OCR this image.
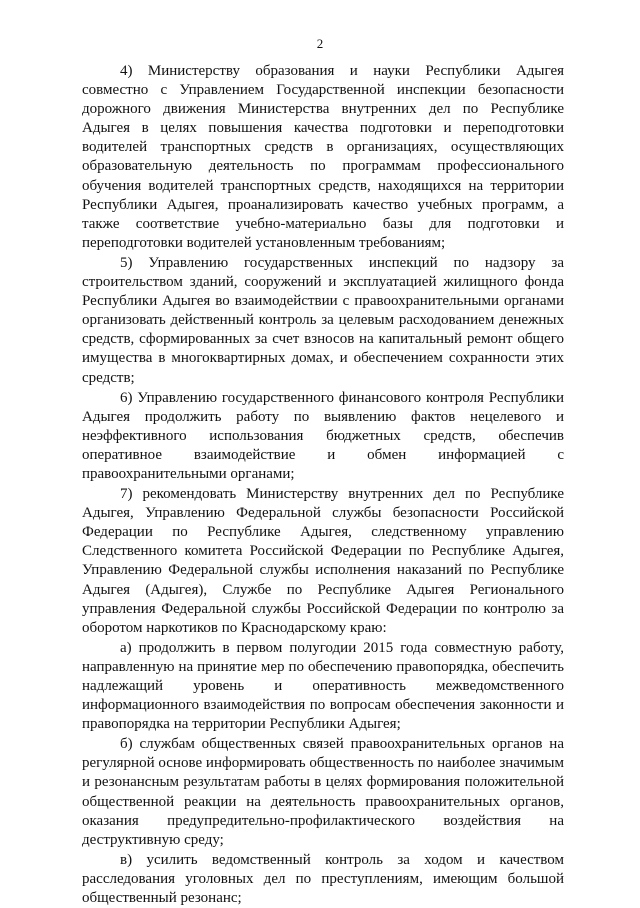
2

4) Министерству образования и науки Республики Адыгея совместно с Управлением Государственной инспекции безопасности дорожного движения Министерства внутренних дел по Республике Адыгея в целях повышения качества подготовки и переподготовки водителей транспортных средств в организациях, осуществляющих образовательную деятельность по программам профессионального обучения водителей транспортных средств, находящихся на территории Республики Адыгея, проанализировать качество учебных программ, а также соответствие учебно-материально базы для подготовки и переподготовки водителей установленным требованиям;

5) Управлению государственных инспекций по надзору за строительством зданий, сооружений и эксплуатацией жилищного фонда Республики Адыгея во взаимодействии с правоохранительными органами организовать действенный контроль за целевым расходованием денежных средств, сформированных за счет взносов на капитальный ремонт общего имущества в многоквартирных домах, и обеспечением сохранности этих средств;

6) Управлению государственного финансового контроля Республики Адыгея продолжить работу по выявлению фактов нецелевого и неэффективного использования бюджетных средств, обеспечив оперативное взаимодействие и обмен информацией с правоохранительными органами;

7) рекомендовать Министерству внутренних дел по Республике Адыгея, Управлению Федеральной службы безопасности Российской Федерации по Республике Адыгея, следственному управлению Следственного комитета Российской Федерации по Республике Адыгея, Управлению Федеральной службы исполнения наказаний по Республике Адыгея (Адыгея), Службе по Республике Адыгея Регионального управления Федеральной службы Российской Федерации по контролю за оборотом наркотиков по Краснодарскому краю:

а) продолжить в первом полугодии 2015 года совместную работу, направленную на принятие мер по обеспечению правопорядка, обеспечить надлежащий уровень и оперативность межведомственного информационного взаимодействия по вопросам обеспечения законности и правопорядка на территории Республики Адыгея;

б) службам общественных связей правоохранительных органов на регулярной основе информировать общественность по наиболее значимым и резонансным результатам работы в целях формирования положительной общественной реакции на деятельность правоохранительных органов, оказания предупредительно-профилактического воздействия на деструктивную среду;

в) усилить ведомственный контроль за ходом и качеством расследования уголовных дел по преступлениям, имеющим большой общественный резонанс;
